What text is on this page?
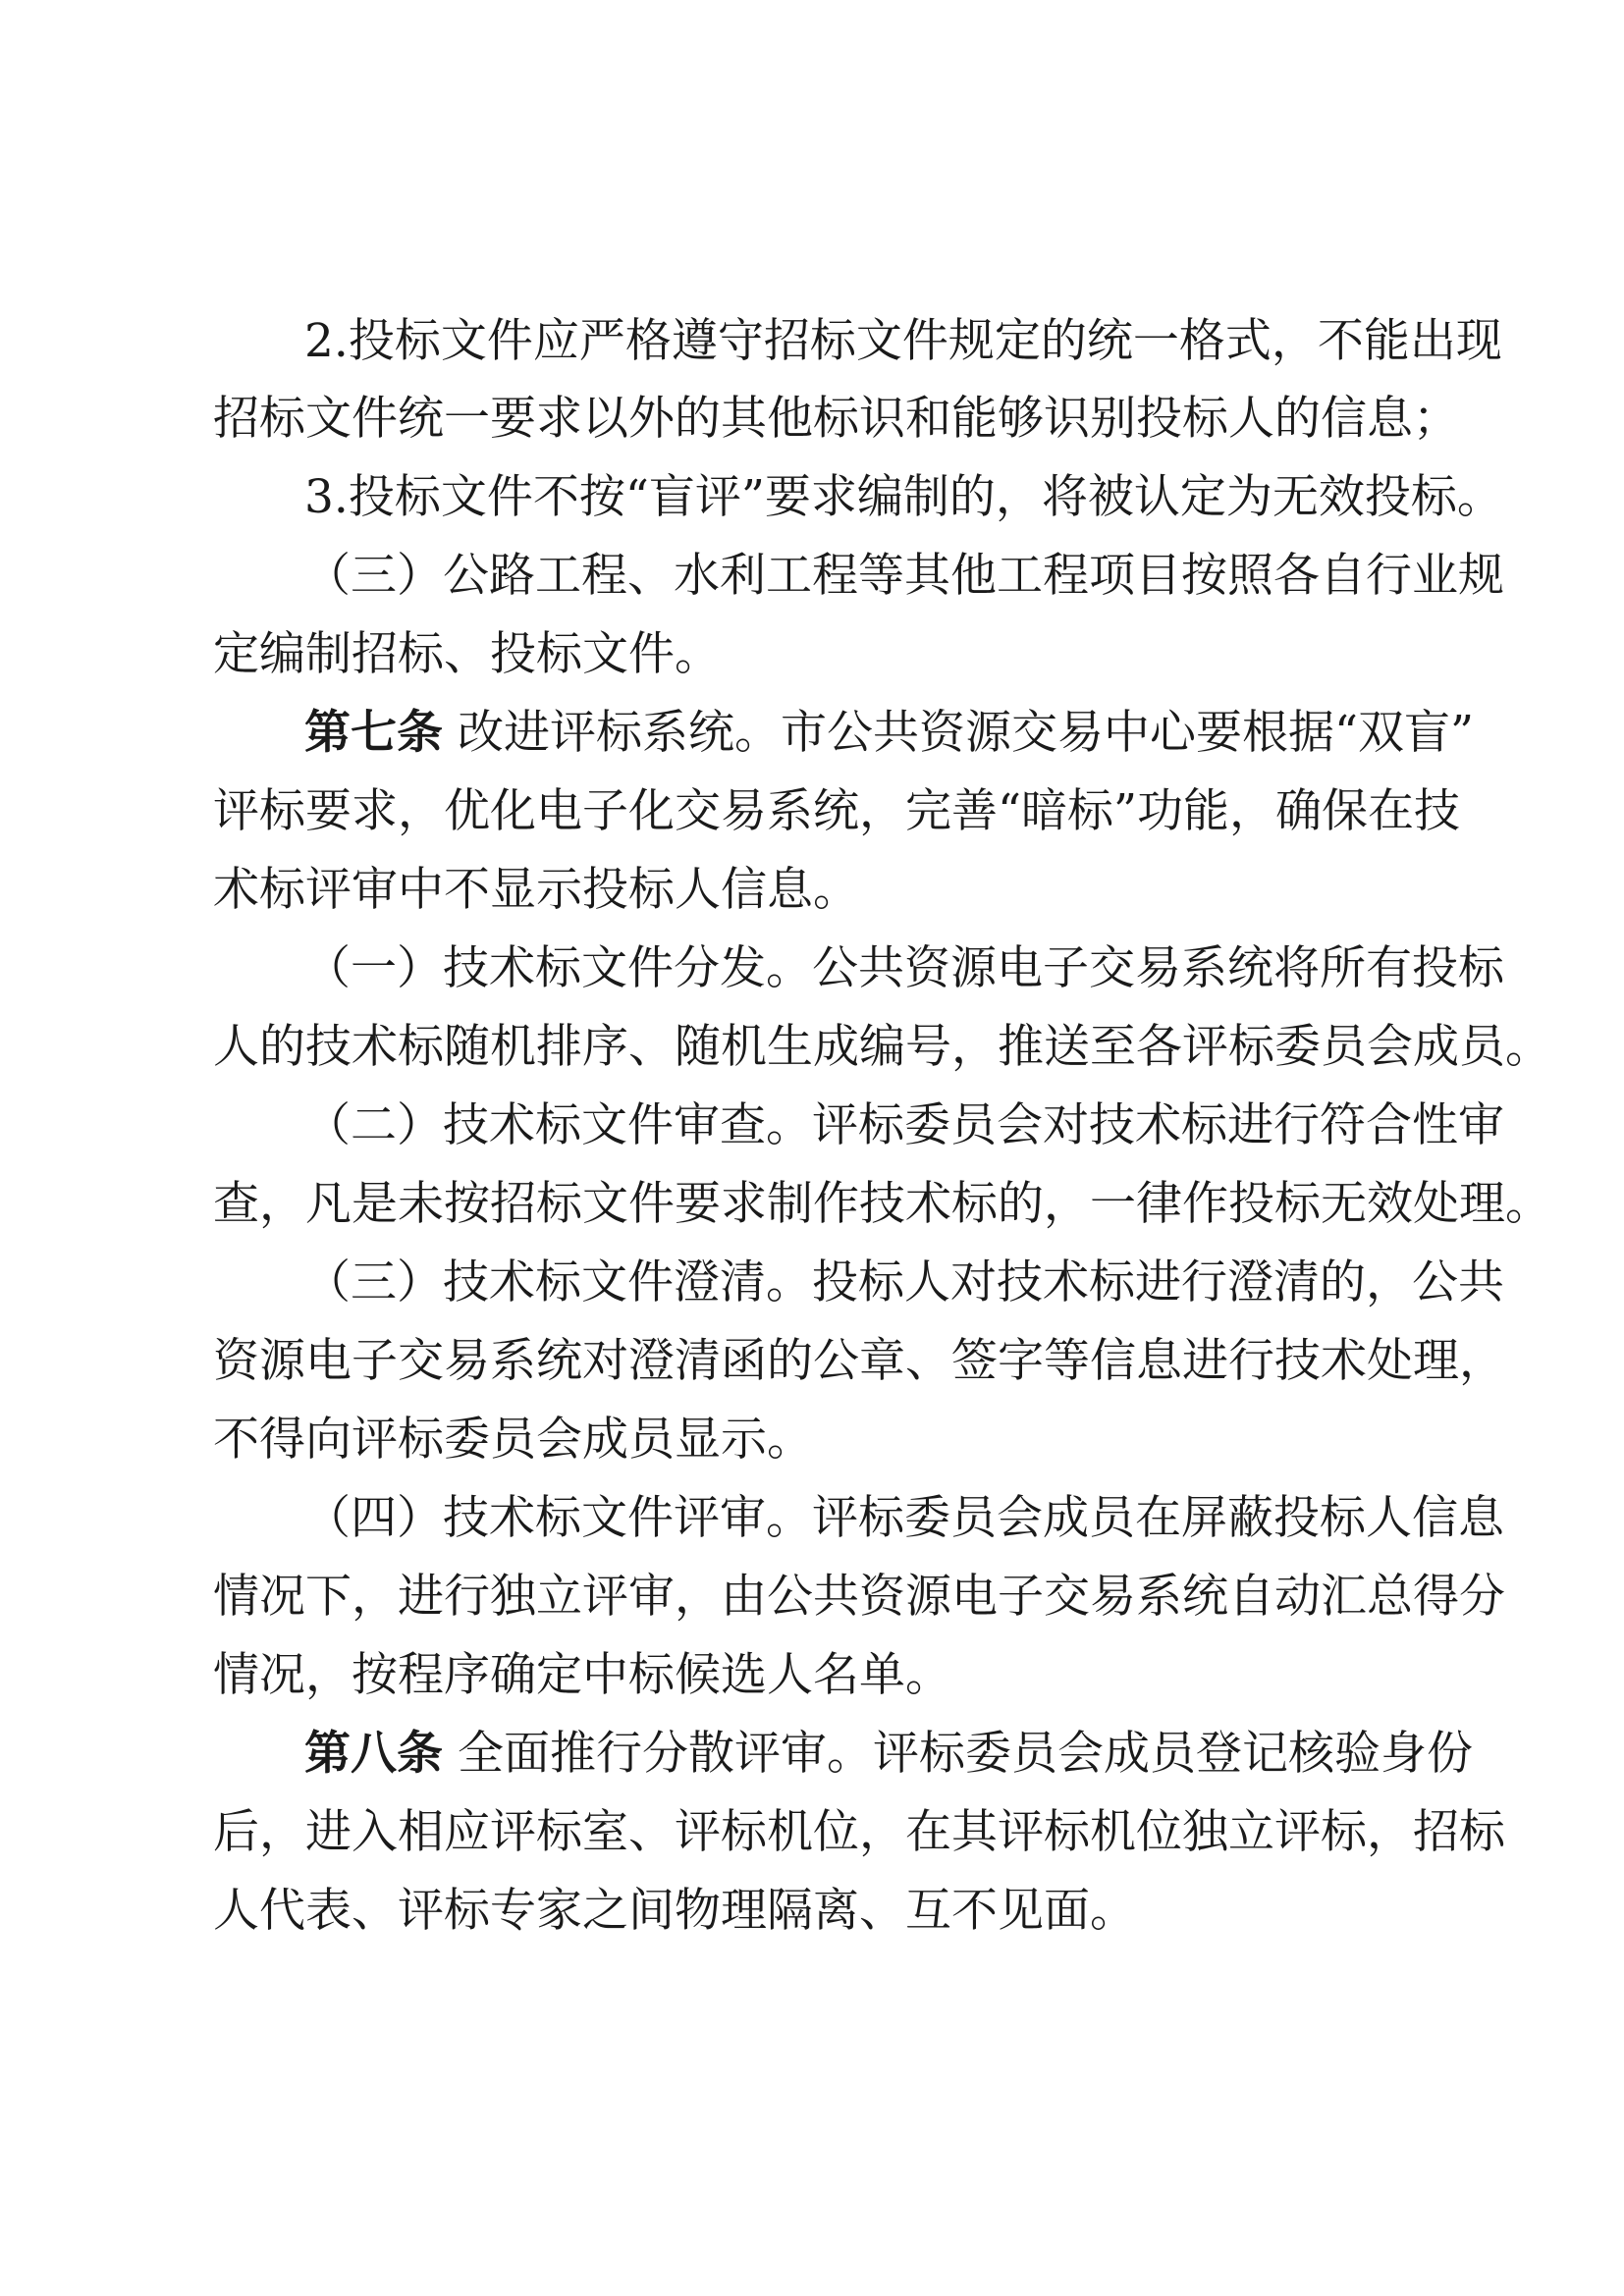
2.投标文件应严格遵守招标文件规定的统一格式，不能出现
招标文件统一要求以外的其他标识和能够识别投标人的信息；
3.投标文件不按“盲评”要求编制的，将被认定为无效投标。
（三）公路工程、水利工程等其他工程项目按照各自行业规
定编制招标、投标文件。
第七条 改进评标系统。市公共资源交易中心要根据“双盲”
评标要求，优化电子化交易系统，完善“暗标”功能，确保在技
术标评审中不显示投标人信息。
（一）技术标文件分发。公共资源电子交易系统将所有投标
人的技术标随机排序、随机生成编号，推送至各评标委员会成员。
（二）技术标文件审查。评标委员会对技术标进行符合性审
查，凡是未按招标文件要求制作技术标的，一律作投标无效处理。
（三）技术标文件澄清。投标人对技术标进行澄清的，公共
资源电子交易系统对澄清函的公章、签字等信息进行技术处理，
不得向评标委员会成员显示。
（四）技术标文件评审。评标委员会成员在屏蔽投标人信息
情况下，进行独立评审，由公共资源电子交易系统自动汇总得分
情况，按程序确定中标候选人名单。
第八条 全面推行分散评审。评标委员会成员登记核验身份
后，进入相应评标室、评标机位，在其评标机位独立评标，招标
人代表、评标专家之间物理隔离、互不见面。
